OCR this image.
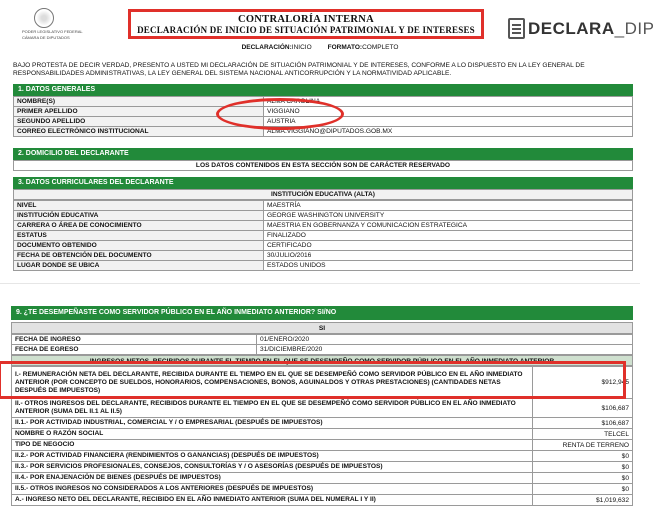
PODER LEGISLATIVO FEDERAL
CÁMARA DE DIPUTADOS
CONTRALORÍA INTERNA
DECLARACIÓN DE INICIO DE SITUACIÓN PATRIMONIAL Y DE INTERESES	DECLARA_DIP
DECLARACIÓN:INICIO FORMATO:COMPLETO
BAJO PROTESTA DE DECIR VERDAD, PRESENTO A USTED MI DECLARACIÓN DE SITUACIÓN PATRIMONIAL Y DE INTERESES, CONFORME A LO DISPUESTO EN LA LEY GENERAL DE RESPONSABILIDADES ADMINISTRATIVAS, LA LEY GENERAL DEL SISTEMA NACIONAL ANTICORRUPCIÓN Y LA NORMATIVIDAD APLICABLE.
1. DATOS GENERALES
NOMBRE(S)	ALMA CAROLINA
PRIMER APELLIDO	VIGGIANO
SEGUNDO APELLIDO	AUSTRIA
CORREO ELECTRÓNICO INSTITUCIONAL	ALMA.VIGGIANO@DIPUTADOS.GOB.MX
2. DOMICILIO DEL DECLARANTE
LOS DATOS CONTENIDOS EN ESTA SECCIÓN SON DE CARÁCTER RESERVADO
3. DATOS CURRICULARES DEL DECLARANTE
INSTITUCIÓN EDUCATIVA (ALTA)
NIVEL	MAESTRÍA
INSTITUCIÓN EDUCATIVA	GEORGE WASHINGTON UNIVERSITY
CARRERA O ÁREA DE CONOCIMIENTO	MAESTRIA EN GOBERNANZA Y COMUNICACION ESTRATEGICA
ESTATUS	FINALIZADO
DOCUMENTO OBTENIDO	CERTIFICADO
FECHA DE OBTENCIÓN DEL DOCUMENTO	30/JULIO/2016
LUGAR DONDE SE UBICA	ESTADOS UNIDOS
9. ¿TE DESEMPEÑASTE COMO SERVIDOR PÚBLICO EN EL AÑO INMEDIATO ANTERIOR? SI/NO
SI
FECHA DE INGRESO	01/ENERO/2020
FECHA DE EGRESO	31/DICIEMBRE/2020
INGRESOS NETOS, RECIBIDOS DURANTE EL TIEMPO EN EL QUE SE DESEMPEÑO COMO SERVIDOR PÚBLICO EN EL AÑO INMEDIATO ANTERIOR
I.- REMUNERACIÓN NETA DEL DECLARANTE, RECIBIDA DURANTE EL TIEMPO EN EL QUE SE DESEMPEÑÓ COMO SERVIDOR PÚBLICO EN EL AÑO INMEDIATO ANTERIOR (POR CONCEPTO DE SUELDOS, HONORARIOS, COMPENSACIONES, BONOS, AGUINALDOS Y OTRAS PRESTACIONES) (CANTIDADES NETAS DESPUÉS DE IMPUESTOS)	$912,945
II.- OTROS INGRESOS DEL DECLARANTE, RECIBIDOS DURANTE EL TIEMPO EN EL QUE SE DESEMPEÑÓ COMO SERVIDOR PÚBLICO EN EL AÑO INMEDIATO ANTERIOR (SUMA DEL II.1 AL II.5)	$106,687
II.1.- POR ACTIVIDAD INDUSTRIAL, COMERCIAL Y / O EMPRESARIAL (DESPUÉS DE IMPUESTOS)	$106,687
NOMBRE O RAZÓN SOCIAL	TELCEL
TIPO DE NEGOCIO	RENTA DE TERRENO
II.2.- POR ACTIVIDAD FINANCIERA (RENDIMIENTOS O GANANCIAS) (DESPUÉS DE IMPUESTOS)	$0
II.3.- POR SERVICIOS PROFESIONALES, CONSEJOS, CONSULTORÍAS Y / O ASESORÍAS (DESPUÉS DE IMPUESTOS)	$0
II.4.- POR ENAJENACIÓN DE BIENES (DESPUÉS DE IMPUESTOS)	$0
II.5.- OTROS INGRESOS NO CONSIDERADOS A LOS ANTERIORES (DESPUÉS DE IMPUESTOS)	$0
A.- INGRESO NETO DEL DECLARANTE, RECIBIDO EN EL AÑO INMEDIATO ANTERIOR (SUMA DEL NUMERAL I Y II)	$1,019,632
